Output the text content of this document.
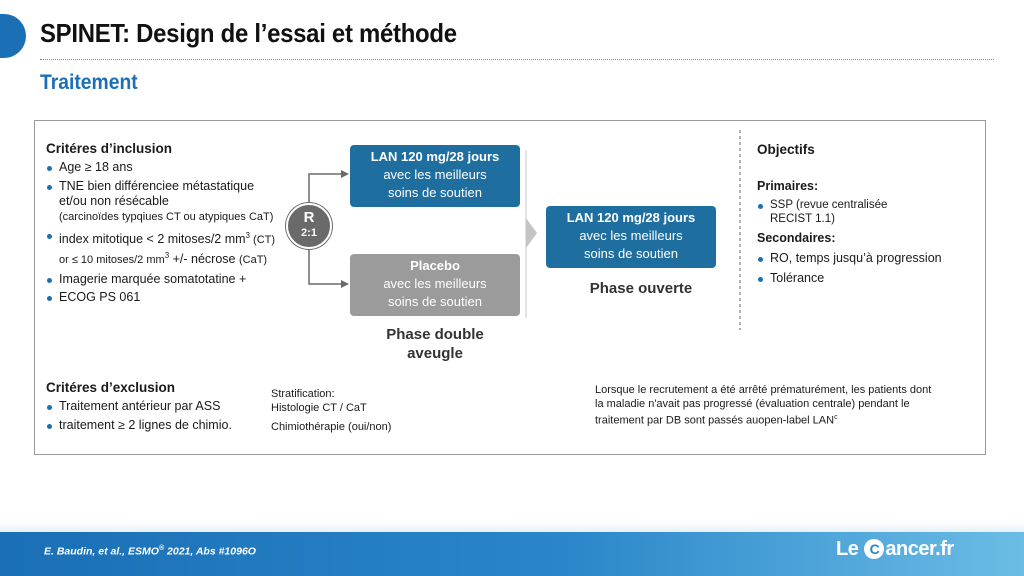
SPINET: Design de l’essai et méthode
Traitement
Critéres d’inclusion
Age ≥ 18 ans
TNE bien différenciee métastatique et/ou non résécable
(carcinoïdes typqiues CT ou atypiques CaT)
index mitotique < 2 mitoses/2 $mm^3$ (CT) or ≤ 10 mitoses/2 $mm^3$ +/- nécrose (CaT)
Imagerie marquée somatotatine +
ECOG PS 061
Critéres d’exclusion
Traitement antérieur par ASS
traitement ≥ 2 lignes de chimio.
R
2:1
LAN 120 mg/28 jours
avec les meilleurs
soins de soutien
Placebo
avec les meilleurs
soins de soutien
LAN 120 mg/28 jours
avec les meilleurs
soins de soutien
Phase double
aveugle
Phase ouverte
Stratification:
Histologie CT / CaT
Chimiothérapie (oui/non)
Lorsque le recrutement a été arrêté prématurément, les patients dont
la maladie n'avait pas progressé (évaluation centrale) pendant le
traitement par DB sont passés auopen-label LAN$^c$
Objectifs
Primaires:
SSP (revue centralisée
RECIST 1.1)
Secondaires:
RO, temps jusqu’à progression
Tolérance
E. Baudin, et al., ESMO® 2021, Abs #1096O	Le C ancer.fr
